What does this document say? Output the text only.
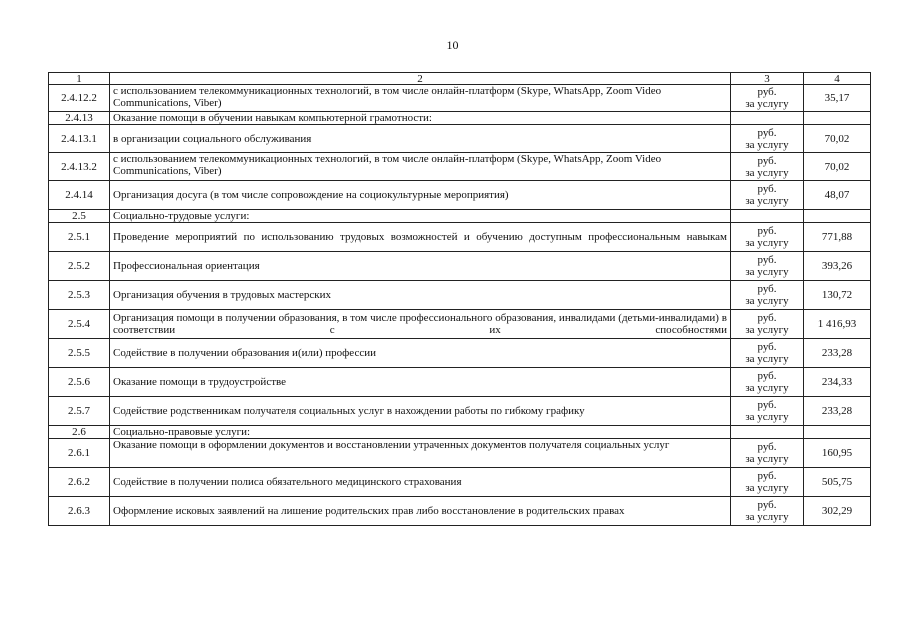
10
1	2	3	4
2.4.12.2	с использованием телекоммуникационных технологий, в том числе онлайн-платформ (Skype, WhatsApp, Zoom Video Communications, Viber)	руб.
за услугу	35,17
2.4.13	Оказание помощи в обучении навыкам компьютерной грамотности:	

2.4.13.1	в организации социального обслуживания	руб.
за услугу	70,02
2.4.13.2	с использованием телекоммуникационных технологий, в том числе онлайн-платформ (Skype, WhatsApp, Zoom Video Communications, Viber)	руб.
за услугу	70,02
2.4.14	Организация досуга (в том числе сопровождение на социокультурные мероприятия)	руб.
за услугу	48,07
2.5	Социально-трудовые услуги:	

2.5.1	Проведение мероприятий по использованию трудовых возможностей и обучению доступным профессиональным навыкам	руб.
за услугу	771,88
2.5.2	Профессиональная ориентация	руб.
за услугу	393,26
2.5.3	Организация обучения в трудовых мастерских	руб.
за услугу	130,72
2.5.4	Организация помощи в получении образования, в том числе профессионального образования, инвалидами (детьми-инвалидами) в соответствии с их способностями	руб.
за услугу	1 416,93
2.5.5	Содействие в получении образования и(или) профессии	руб.
за услугу	233,28
2.5.6	Оказание помощи в трудоустройстве	руб.
за услугу	234,33
2.5.7	Содействие родственникам получателя социальных услуг в нахождении работы по гибкому графику	руб.
за услугу	233,28
2.6	Социально-правовые услуги:	

2.6.1	Оказание помощи в оформлении документов и восстановлении утраченных документов получателя социальных услуг	руб.
за услугу	160,95
2.6.2	Содействие в получении полиса обязательного медицинского страхования	руб.
за услугу	505,75
2.6.3	Оформление исковых заявлений на лишение родительских прав либо восстановление в родительских правах	руб.
за услугу	302,29
